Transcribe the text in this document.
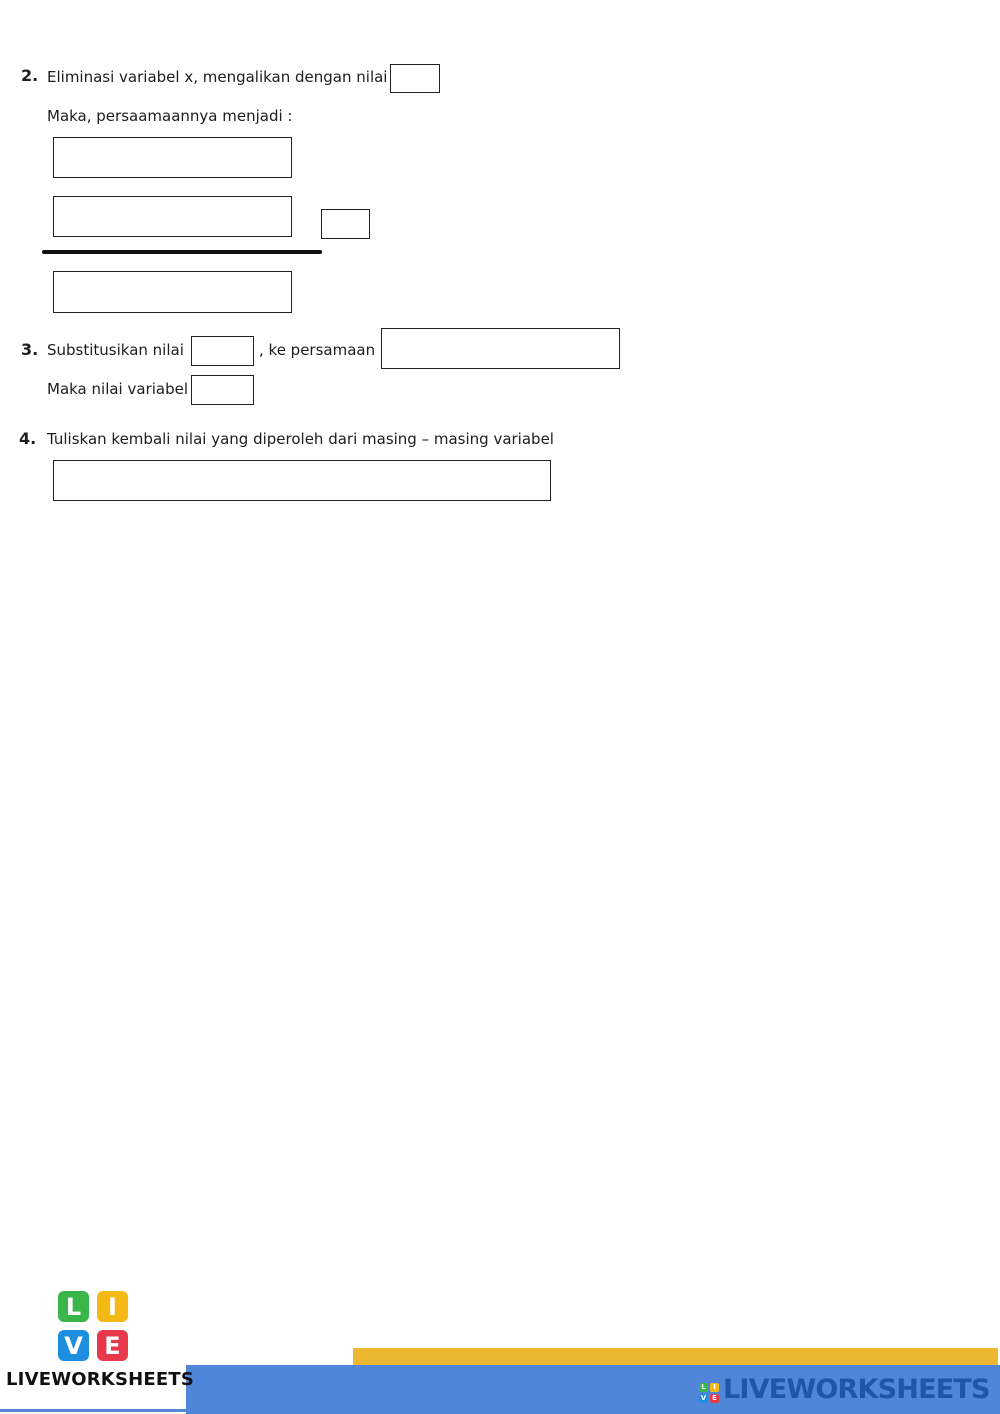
2. Eliminasi variabel x, mengalikan dengan nilai
Maka, persaamaannya menjadi :
3. Substitusikan nilai	, ke persamaan
Maka nilai variabel
4. Tuliskan kembali nilai yang diperoleh dari masing – masing variabel
L	I
V E
LIVEWORKSHEETS	L	I
V E LIVEWORKSHEETS
